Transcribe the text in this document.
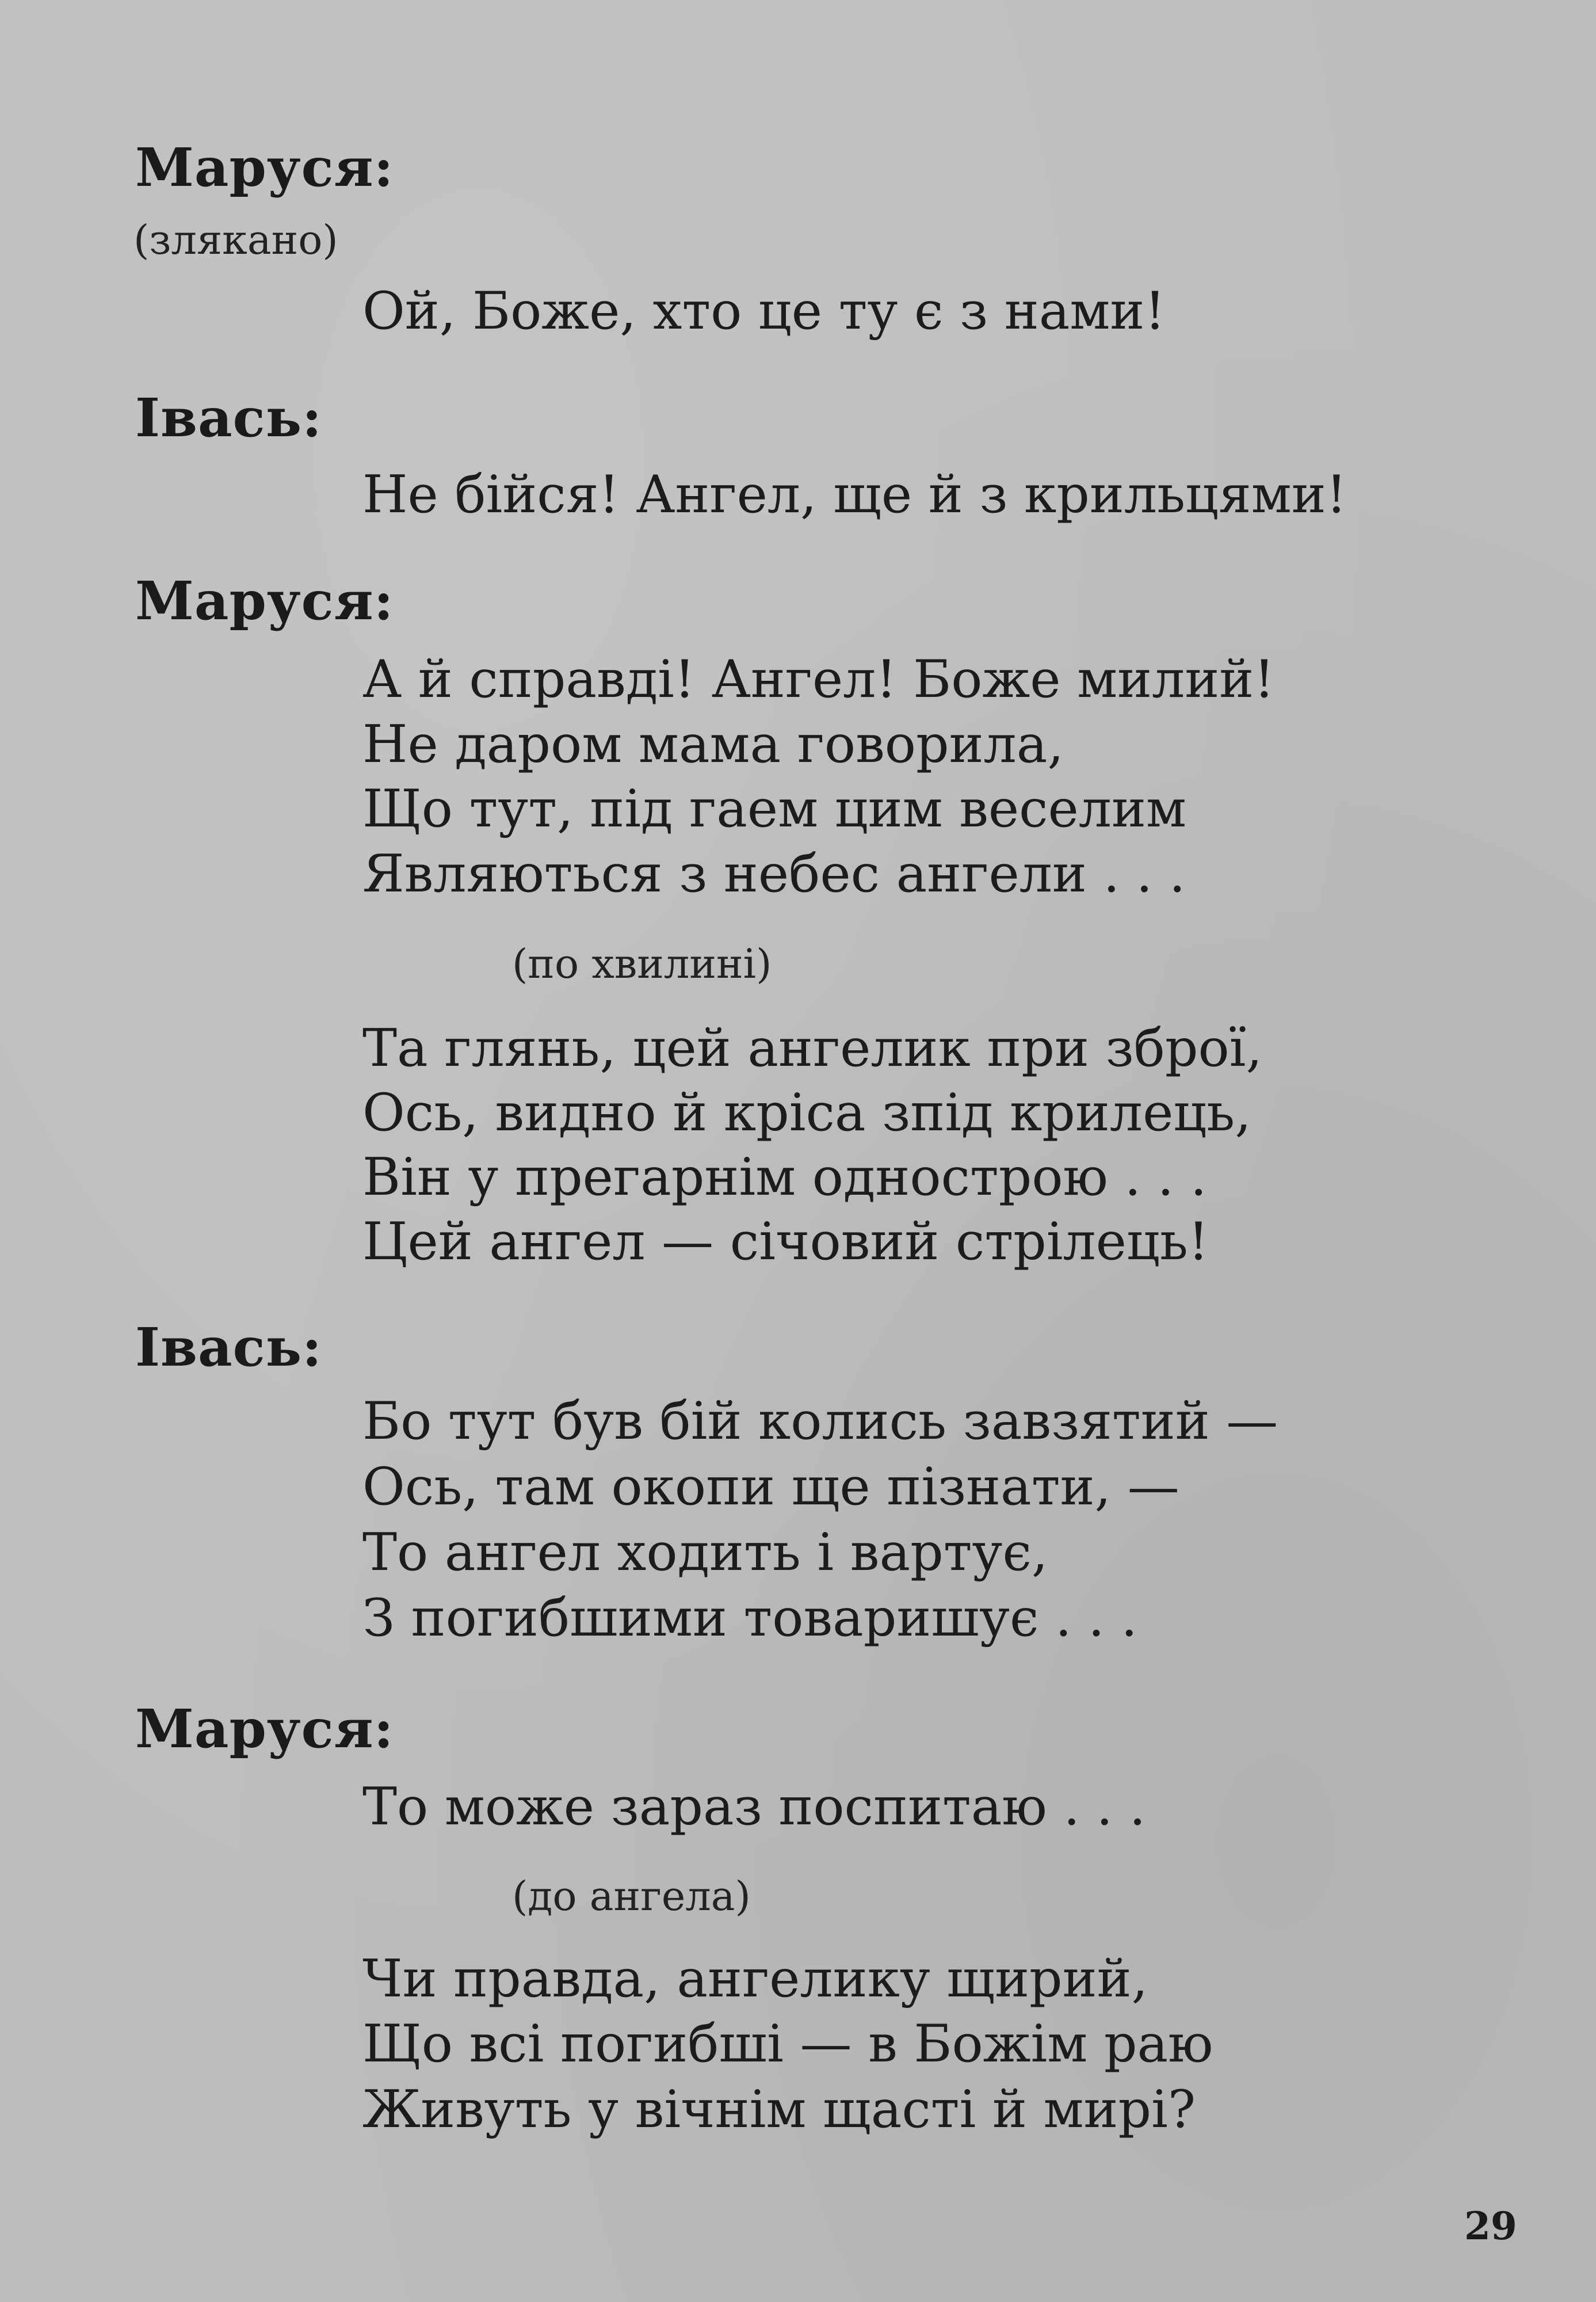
Маруся:
(злякано)
Ой, Боже, хто це ту є з нами!
Івась:
Не бійся! Ангел, ще й з крильцями!
Маруся:
А й справді! Ангел! Боже милий!
Не даром мама говорила,
Що тут, під гаем цим веселим
Являються з небес ангели . . .
(по хвилині)
Та глянь, цей ангелик при зброї,
Ось, видно й кріса зпід крилець,
Він у прегарнім однострою . . .
Цей ангел — січовий стрілець!
Івась:
Бо тут був бій колись завзятий —
Ось, там окопи ще пізнати, —
То ангел ходить і вартує,
З погибшими товаришує . . .
Маруся:
То може зараз поспитаю . . .
(до ангела)
Чи правда, ангелику щирий,
Що всі погибші — в Божім раю
Живуть у вічнім щасті й мирі?
29
